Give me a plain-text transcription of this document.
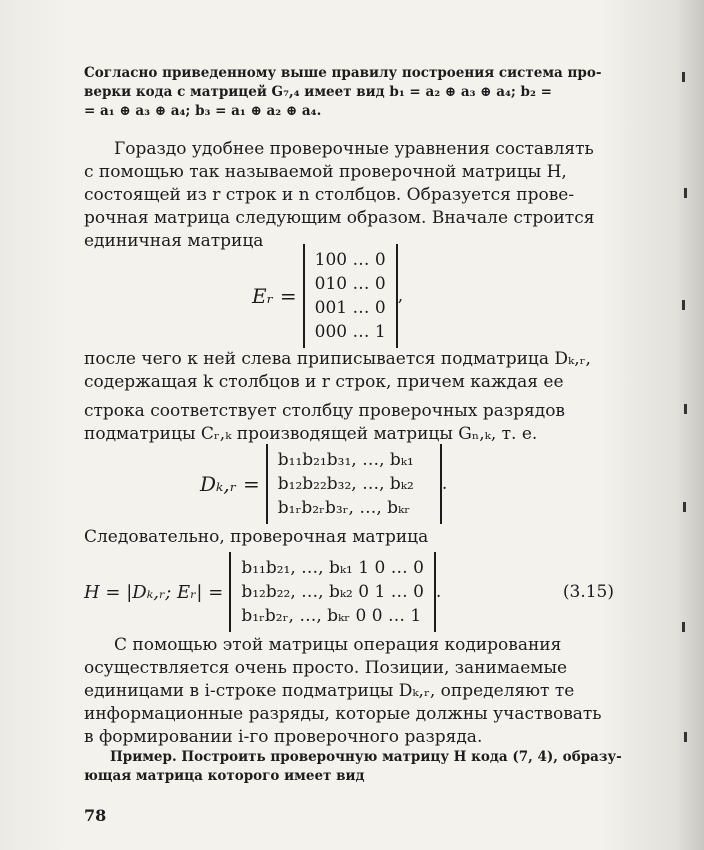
Согласно приведенному выше правилу построения система про-
верки кода с матрицей G₇,₄ имеет вид b₁ = a₂ ⊕ a₃ ⊕ a₄; b₂ =
= a₁ ⊕ a₃ ⊕ a₄; b₃ = a₁ ⊕ a₂ ⊕ a₄.
Гораздо удобнее проверочные уравнения составлять
с помощью так называемой проверочной матрицы H,
состоящей из r строк и n столбцов. Образуется прове-
рочная матрица следующим образом. Вначале строится
единичная матрица
Eᵣ =
100 … 0
010 … 0
001 … 0
000 … 1
,
после чего к ней слева приписывается подматрица Dₖ,ᵣ,
содержащая k столбцов и r строк, причем каждая ее
строка соответствует столбцу проверочных разрядов
подматрицы Cᵣ,ₖ производящей матрицы Gₙ,ₖ, т. е.
Dₖ,ᵣ =
b₁₁b₂₁b₃₁, …, bₖ₁
b₁₂b₂₂b₃₂, …, bₖ₂
b₁ᵣb₂ᵣb₃ᵣ, …, bₖᵣ
.
Следовательно, проверочная матрица
H = |Dₖ,ᵣ; Eᵣ| =
b₁₁b₂₁, …, bₖ₁ 1 0 … 0
b₁₂b₂₂, …, bₖ₂ 0 1 … 0
b₁ᵣb₂ᵣ, …, bₖᵣ 0 0 … 1
.	(3.15)
С помощью этой матрицы операция кодирования
осуществляется очень просто. Позиции, занимаемые
единицами в i-строке подматрицы Dₖ,ᵣ, определяют те
информационные разряды, которые должны участвовать
в формировании i-го проверочного разряда.
Пример. Построить проверочную матрицу H кода (7, 4), образу-
ющая матрица которого имеет вид
78
